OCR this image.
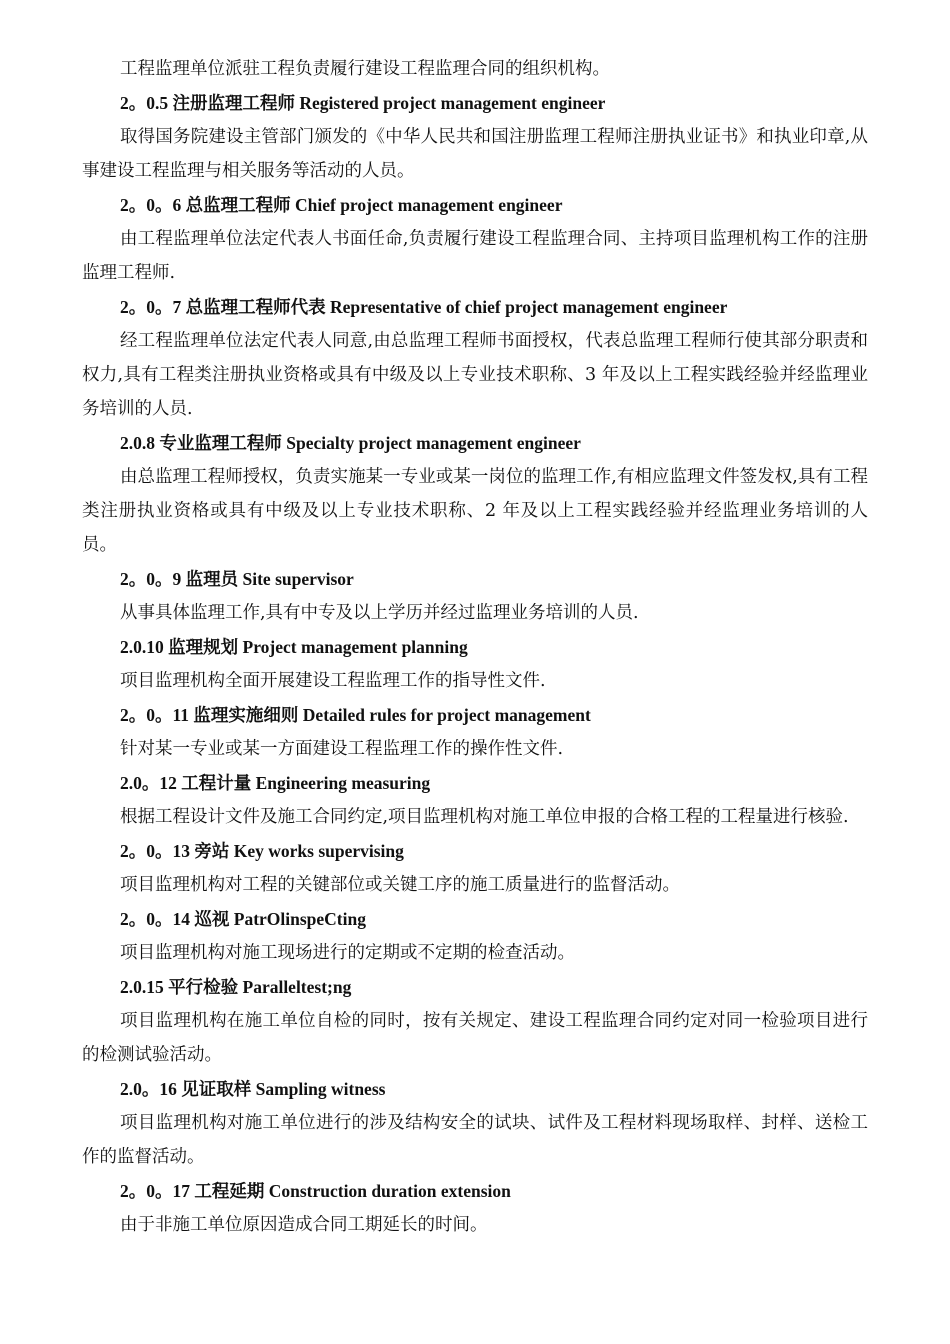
工程监理单位派驻工程负责履行建设工程监理合同的组织机构。

2。0.5 注册监理工程师 Registered project management engineer

取得国务院建设主管部门颁发的《中华人民共和国注册监理工程师注册执业证书》和执业印章,从事建设工程监理与相关服务等活动的人员。

2。0。6 总监理工程师 Chief project management engineer

由工程监理单位法定代表人书面任命,负责履行建设工程监理合同、主持项目监理机构工作的注册监理工程师.

2。0。7 总监理工程师代表 Representative of chief project management engineer

经工程监理单位法定代表人同意,由总监理工程师书面授权，代表总监理工程师行使其部分职责和权力,具有工程类注册执业资格或具有中级及以上专业技术职称、3 年及以上工程实践经验并经监理业务培训的人员.

2.0.8 专业监理工程师 Specialty project management engineer

由总监理工程师授权，负责实施某一专业或某一岗位的监理工作,有相应监理文件签发权,具有工程类注册执业资格或具有中级及以上专业技术职称、2 年及以上工程实践经验并经监理业务培训的人员。

2。0。9 监理员 Site supervisor

从事具体监理工作,具有中专及以上学历并经过监理业务培训的人员.

2.0.10 监理规划 Project management planning

项目监理机构全面开展建设工程监理工作的指导性文件.

2。0。11 监理实施细则 Detailed rules for project management

针对某一专业或某一方面建设工程监理工作的操作性文件.

2.0。12 工程计量 Engineering measuring

根据工程设计文件及施工合同约定,项目监理机构对施工单位申报的合格工程的工程量进行核验.

2。0。13 旁站 Key works supervising

项目监理机构对工程的关键部位或关键工序的施工质量进行的监督活动。

2。0。14 巡视 PatrOlinspeCting

项目监理机构对施工现场进行的定期或不定期的检查活动。

2.0.15 平行检验 Paralleltest;ng

项目监理机构在施工单位自检的同时，按有关规定、建设工程监理合同约定对同一检验项目进行的检测试验活动。

2.0。16 见证取样 Sampling witness

项目监理机构对施工单位进行的涉及结构安全的试块、试件及工程材料现场取样、封样、送检工作的监督活动。

2。0。17 工程延期 Construction duration extension

由于非施工单位原因造成合同工期延长的时间。
